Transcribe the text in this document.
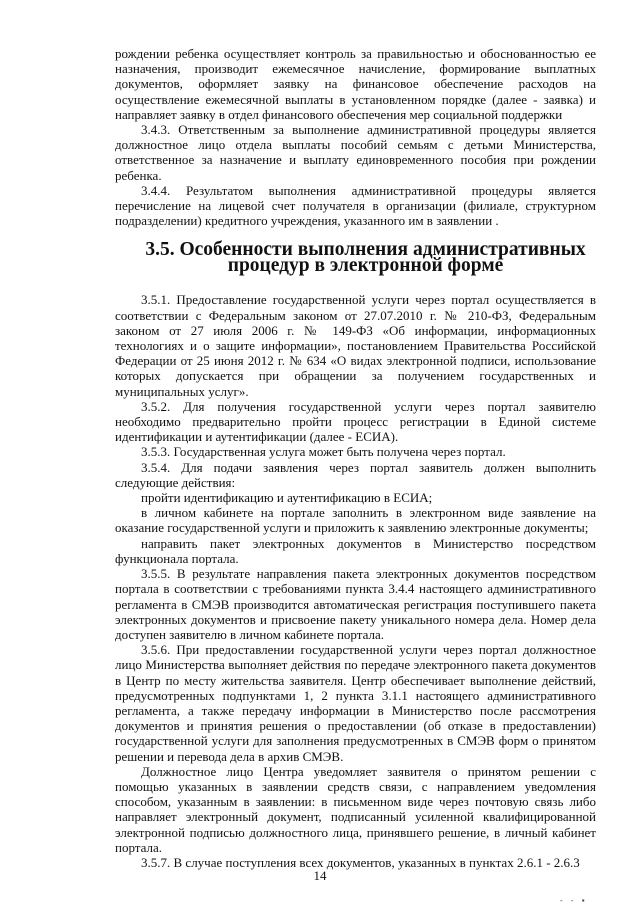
рождении ребенка осуществляет контроль за правильностью и обоснованностью ее назначения, производит ежемесячное начисление, формирование выплатных документов, оформляет заявку на финансовое обеспечение расходов на осуществление ежемесячной выплаты в установленном порядке (далее - заявка) и направляет заявку в отдел финансового обеспечения мер социальной поддержки

3.4.3. Ответственным за выполнение административной процедуры является должностное лицо отдела выплаты пособий семьям с детьми Министерства, ответственное за назначение и выплату единовременного пособия при рождении ребенка.

3.4.4. Результатом выполнения административной процедуры является перечисление на лицевой счет получателя в организации (филиале, структурном подразделении) кредитного учреждения, указанного им в заявлении .

3.5. Особенности выполнения административных процедур в электронной форме

3.5.1. Предоставление государственной услуги через портал осуществляется в соответствии с Федеральным законом от 27.07.2010 г. № 210-ФЗ, Федеральным законом от 27 июля 2006 г. № 149-ФЗ «Об информации, информационных технологиях и о защите информации», постановлением Правительства Российской Федерации от 25 июня 2012 г. № 634 «О видах электронной подписи, использование которых допускается при обращении за получением государственных и муниципальных услуг».

3.5.2. Для получения государственной услуги через портал заявителю необходимо предварительно пройти процесс регистрации в Единой системе идентификации и аутентификации (далее - ЕСИА).

3.5.3. Государственная услуга может быть получена через портал.

3.5.4. Для подачи заявления через портал заявитель должен выполнить следующие действия:

пройти идентификацию и аутентификацию в ЕСИА;

в личном кабинете на портале заполнить в электронном виде заявление на оказание государственной услуги и приложить к заявлению электронные документы;

направить пакет электронных документов в Министерство посредством функционала портала.

3.5.5. В результате направления пакета электронных документов посредством портала в соответствии с требованиями пункта 3.4.4 настоящего административного регламента в СМЭВ производится автоматическая регистрация поступившего пакета электронных документов и присвоение пакету уникального номера дела. Номер дела доступен заявителю в личном кабинете портала.

3.5.6. При предоставлении государственной услуги через портал должностное лицо Министерства выполняет действия по передаче электронного пакета документов в Центр по месту жительства заявителя. Центр обеспечивает выполнение действий, предусмотренных подпунктами 1, 2 пункта 3.1.1 настоящего административного регламента, а также передачу информации в Министерство после рассмотрения документов и принятия решения о предоставлении (об отказе в предоставлении) государственной услуги для заполнения предусмотренных в СМЭВ форм о принятом решении и перевода дела в архив СМЭВ.

Должностное лицо Центра уведомляет заявителя о принятом решении с помощью указанных в заявлении средств связи, с направлением уведомления способом, указанным в заявлении: в письменном виде через почтовую связь либо направляет электронный документ, подписанный усиленной квалифицированной электронной подписью должностного лица, принявшего решение, в личный кабинет портала.

3.5.7. В случае поступления всех документов, указанных в пунктах 2.6.1 - 2.6.3

14
- - ▪
